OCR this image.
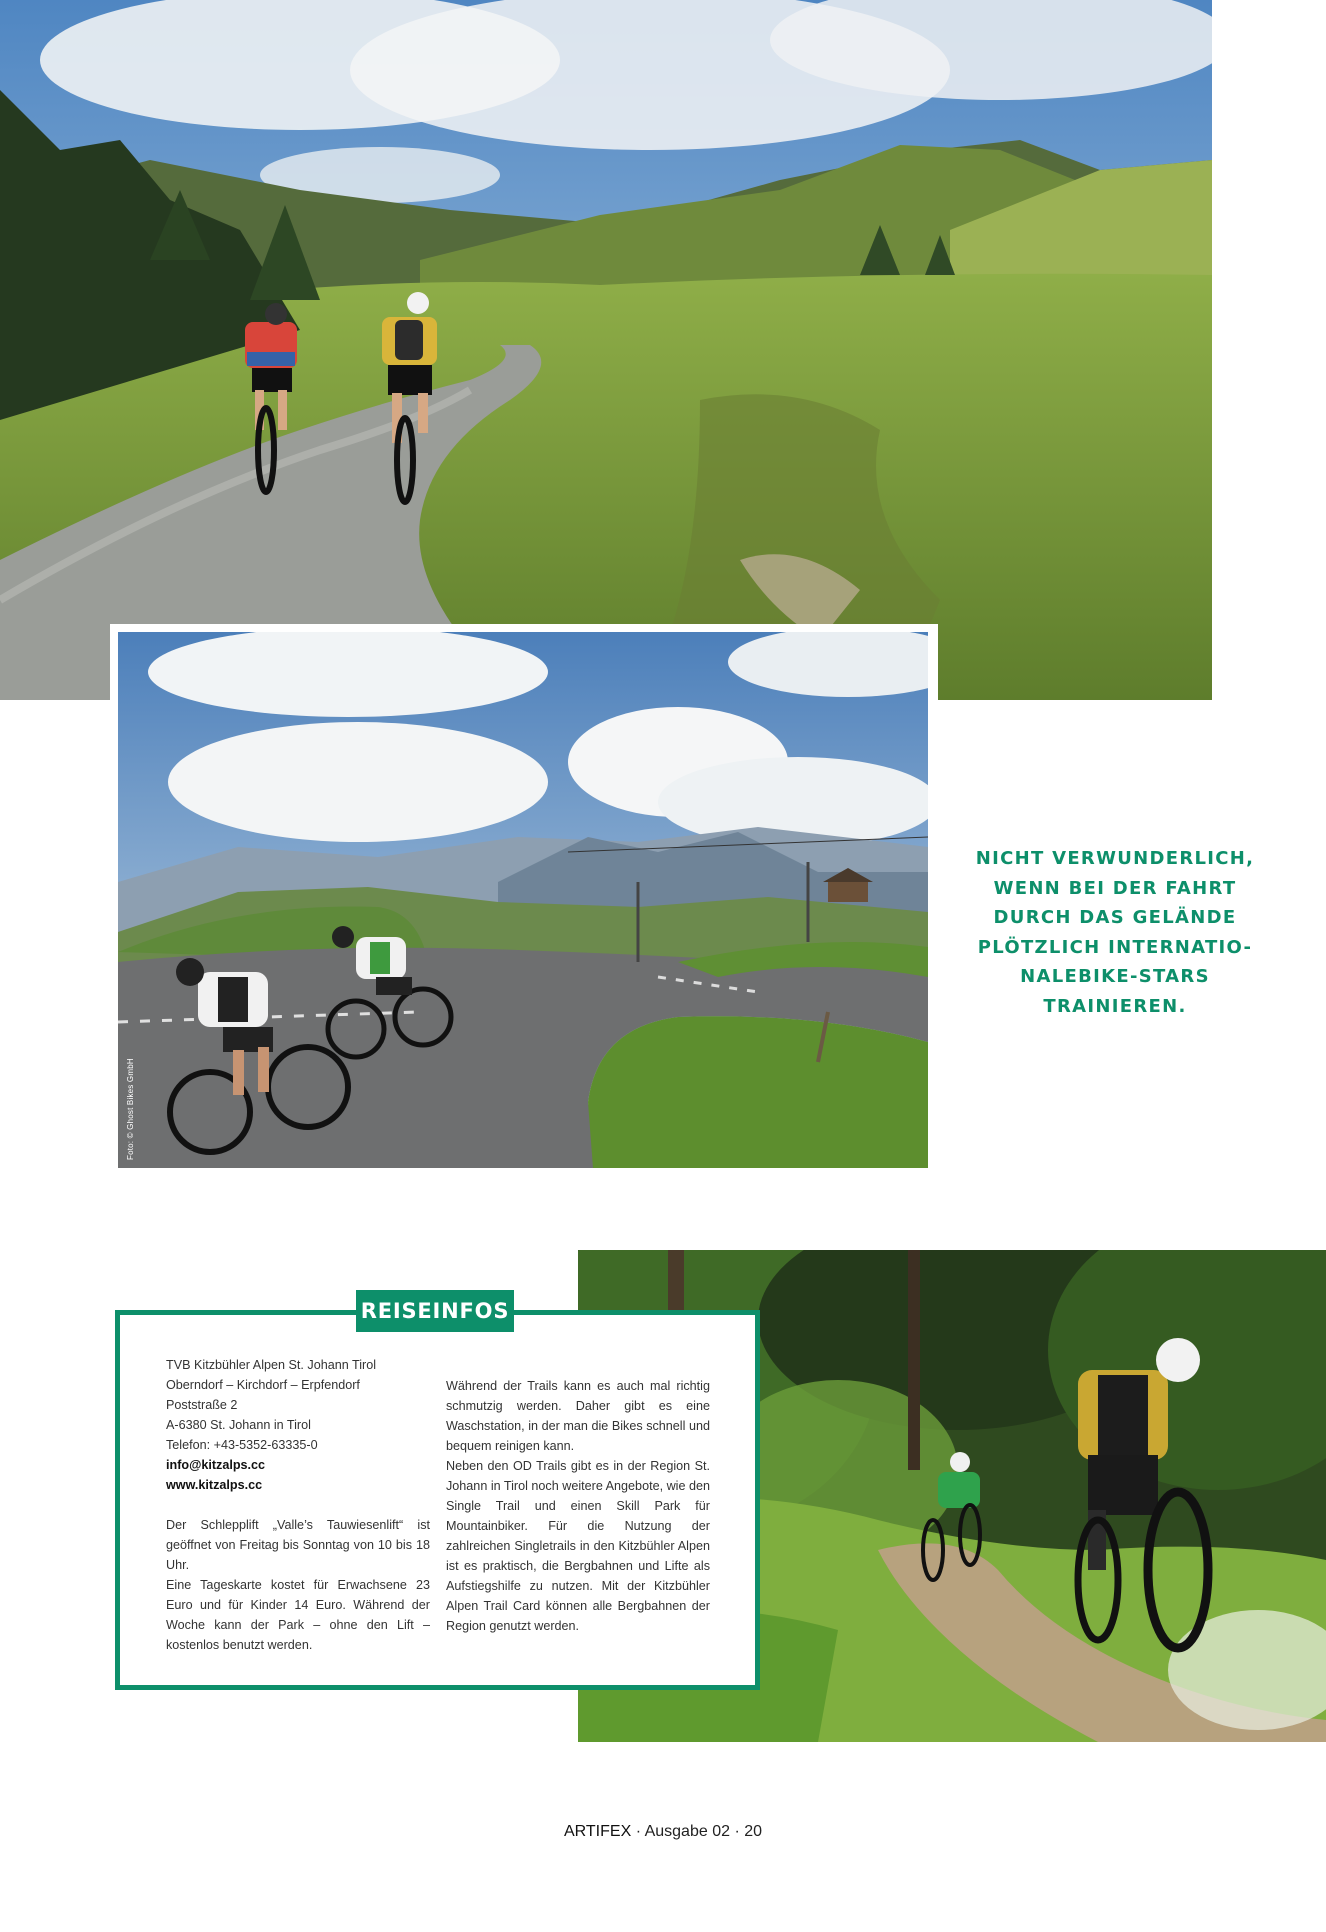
Foto: © Ghost Bikes GmbH
NICHT VERWUNDERLICH,
WENN BEI DER FAHRT
DURCH DAS GELÄNDE
PLÖTZLICH INTERNATIO-
NALEBIKE-STARS
TRAINIEREN.
REISEINFOS

TVB Kitzbühler Alpen St. Johann Tirol

Oberndorf – Kirchdorf – Erpfendorf

Poststraße 2

A-6380 St. Johann in Tirol

Telefon: +43-5352-63335-0

info@kitzalps.cc

www.kitzalps.cc

Der Schlepplift „Valle’s Tauwiesenlift“ ist geöffnet von Freitag bis Sonntag von 10 bis 18 Uhr.

Eine Tageskarte kostet für Erwachsene 23 Euro und für Kinder 14 Euro. Während der Woche kann der Park – ohne den Lift – kostenlos benutzt werden.

Während der Trails kann es auch mal richtig schmutzig werden. Daher gibt es eine Waschstation, in der man die Bikes schnell und bequem reinigen kann.

Neben den OD Trails gibt es in der Region St. Johann in Tirol noch weitere Angebote, wie den Single Trail und einen Skill Park für Mountainbiker. Für die Nutzung der zahlreichen Singletrails in den Kitzbühler Alpen ist es praktisch, die Bergbahnen und Lifte als Aufstiegshilfe zu nutzen. Mit der Kitzbühler Alpen Trail Card können alle Bergbahnen der Region genutzt werden.

ARTIFEX · Ausgabe 02 · 20
